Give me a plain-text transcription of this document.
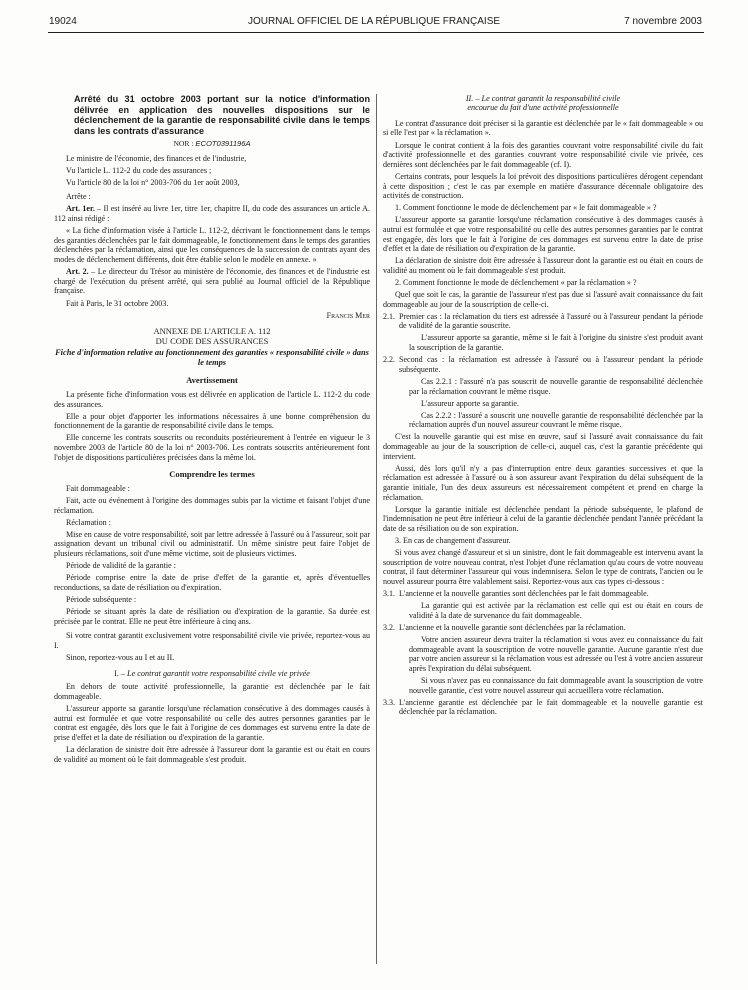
19024	JOURNAL OFFICIEL DE LA RÉPUBLIQUE FRANÇAISE	7 novembre 2003
Arrêté du 31 octobre 2003 portant sur la notice d'information délivrée en application des nouvelles dispositions sur le déclenchement de la garantie de responsabilité civile dans le temps dans les contrats d'assurance
NOR : ECOT0391196A

Le ministre de l'économie, des finances et de l'industrie,

Vu l'article L. 112-2 du code des assurances ;

Vu l'article 80 de la loi n° 2003-706 du 1er août 2003,

Arrête :

Art. 1er. – Il est inséré au livre 1er, titre 1er, chapitre II, du code des assurances un article A. 112 ainsi rédigé :

« La fiche d'information visée à l'article L. 112-2, décrivant le fonctionnement dans le temps des garanties déclenchées par le fait dommageable, le fonctionnement dans le temps des garanties déclenchées par la réclamation, ainsi que les conséquences de la succession de contrats ayant des modes de déclenchement différents, doit être établie selon le modèle en annexe. »

Art. 2. – Le directeur du Trésor au ministère de l'économie, des finances et de l'industrie est chargé de l'exécution du présent arrêté, qui sera publié au Journal officiel de la République française.

Fait à Paris, le 31 octobre 2003.

Francis Mer

ANNEXE DE L'ARTICLE A. 112
DU CODE DES ASSURANCES
Fiche d'information relative au fonctionnement des garanties « responsabilité civile » dans le temps
Avertissement

La présente fiche d'information vous est délivrée en application de l'article L. 112-2 du code des assurances.

Elle a pour objet d'apporter les informations nécessaires à une bonne compréhension du fonctionnement de la garantie de responsabilité civile dans le temps.

Elle concerne les contrats souscrits ou reconduits postérieurement à l'entrée en vigueur le 3 novembre 2003 de l'article 80 de la loi n° 2003-706. Les contrats souscrits antérieurement font l'objet de dispositions particulières précisées dans la même loi.

Comprendre les termes

Fait dommageable :

Fait, acte ou événement à l'origine des dommages subis par la victime et faisant l'objet d'une réclamation.

Réclamation :

Mise en cause de votre responsabilité, soit par lettre adressée à l'assuré ou à l'assureur, soit par assignation devant un tribunal civil ou administratif. Un même sinistre peut faire l'objet de plusieurs réclamations, soit d'une même victime, soit de plusieurs victimes.

Période de validité de la garantie :

Période comprise entre la date de prise d'effet de la garantie et, après d'éventuelles reconductions, sa date de résiliation ou d'expiration.

Période subséquente :

Période se situant après la date de résiliation ou d'expiration de la garantie. Sa durée est précisée par le contrat. Elle ne peut être inférieure à cinq ans.

Si votre contrat garantit exclusivement votre responsabilité civile vie privée, reportez-vous au I.

Sinon, reportez-vous au I et au II.

I. – Le contrat garantit votre responsabilité civile vie privée

En dehors de toute activité professionnelle, la garantie est déclenchée par le fait dommageable.

L'assureur apporte sa garantie lorsqu'une réclamation consécutive à des dommages causés à autrui est formulée et que votre responsabilité ou celle des autres personnes garanties par le contrat est engagée, dès lors que le fait à l'origine de ces dommages est survenu entre la date de prise d'effet et la date de résiliation ou d'expiration de la garantie.

La déclaration de sinistre doit être adressée à l'assureur dont la garantie est ou était en cours de validité au moment où le fait dommageable s'est produit.

II. – Le contrat garantit la responsabilité civile
encourue du fait d'une activité professionnelle

Le contrat d'assurance doit préciser si la garantie est déclenchée par le « fait dommageable » ou si elle l'est par « la réclamation ».

Lorsque le contrat contient à la fois des garanties couvrant votre responsabilité civile du fait d'activité professionnelle et des garanties couvrant votre responsabilité civile vie privée, ces dernières sont déclenchées par le fait dommageable (cf. I).

Certains contrats, pour lesquels la loi prévoit des dispositions particulières dérogent cependant à cette disposition ; c'est le cas par exemple en matière d'assurance décennale obligatoire des activités de construction.

1. Comment fonctionne le mode de déclenchement par « le fait dommageable » ?

L'assureur apporte sa garantie lorsqu'une réclamation consécutive à des dommages causés à autrui est formulée et que votre responsabilité ou celle des autres personnes garanties par le contrat est engagée, dès lors que le fait à l'origine de ces dommages est survenu entre la date de prise d'effet et la date de résiliation ou d'expiration de la garantie.

La déclaration de sinistre doit être adressée à l'assureur dont la garantie est ou était en cours de validité au moment où le fait dommageable s'est produit.

2. Comment fonctionne le mode de déclenchement « par la réclamation » ?

Quel que soit le cas, la garantie de l'assureur n'est pas due si l'assuré avait connaissance du fait dommageable au jour de la souscription de celle-ci.

2.1. Premier cas : la réclamation du tiers est adressée à l'assuré ou à l'assureur pendant la période de validité de la garantie souscrite.

L'assureur apporte sa garantie, même si le fait à l'origine du sinistre s'est produit avant la souscription de la garantie.

2.2. Second cas : la réclamation est adressée à l'assuré ou à l'assureur pendant la période subséquente.

Cas 2.2.1 : l'assuré n'a pas souscrit de nouvelle garantie de responsabilité déclenchée par la réclamation couvrant le même risque.

L'assureur apporte sa garantie.

Cas 2.2.2 : l'assuré a souscrit une nouvelle garantie de responsabilité déclenchée par la réclamation auprès d'un nouvel assureur couvrant le même risque.

C'est la nouvelle garantie qui est mise en œuvre, sauf si l'assuré avait connaissance du fait dommageable au jour de la souscription de celle-ci, auquel cas, c'est la garantie précédente qui intervient.

Aussi, dès lors qu'il n'y a pas d'interruption entre deux garanties successives et que la réclamation est adressée à l'assuré ou à son assureur avant l'expiration du délai subséquent de la garantie initiale, l'un des deux assureurs est nécessairement compétent et prend en charge la réclamation.

Lorsque la garantie initiale est déclenchée pendant la période subséquente, le plafond de l'indemnisation ne peut être inférieur à celui de la garantie déclenchée pendant l'année précédant la date de sa résiliation ou de son expiration.

3. En cas de changement d'assureur.

Si vous avez changé d'assureur et si un sinistre, dont le fait dommageable est intervenu avant la souscription de votre nouveau contrat, n'est l'objet d'une réclamation qu'au cours de votre nouveau contrat, il faut déterminer l'assureur qui vous indemnisera. Selon le type de contrats, l'ancien ou le nouvel assureur pourra être valablement saisi. Reportez-vous aux cas types ci-dessous :

3.1. L'ancienne et la nouvelle garanties sont déclenchées par le fait dommageable.

La garantie qui est activée par la réclamation est celle qui est ou était en cours de validité à la date de survenance du fait dommageable.

3.2. L'ancienne et la nouvelle garantie sont déclenchées par la réclamation.

Votre ancien assureur devra traiter la réclamation si vous avez eu connaissance du fait dommageable avant la souscription de votre nouvelle garantie. Aucune garantie n'est due par votre ancien assureur si la réclamation vous est adressée ou l'est à votre ancien assureur après l'expiration du délai subséquent.

Si vous n'avez pas eu connaissance du fait dommageable avant la souscription de votre nouvelle garantie, c'est votre nouvel assureur qui accueillera votre réclamation.

3.3. L'ancienne garantie est déclenchée par le fait dommageable et la nouvelle garantie est déclenchée par la réclamation.
